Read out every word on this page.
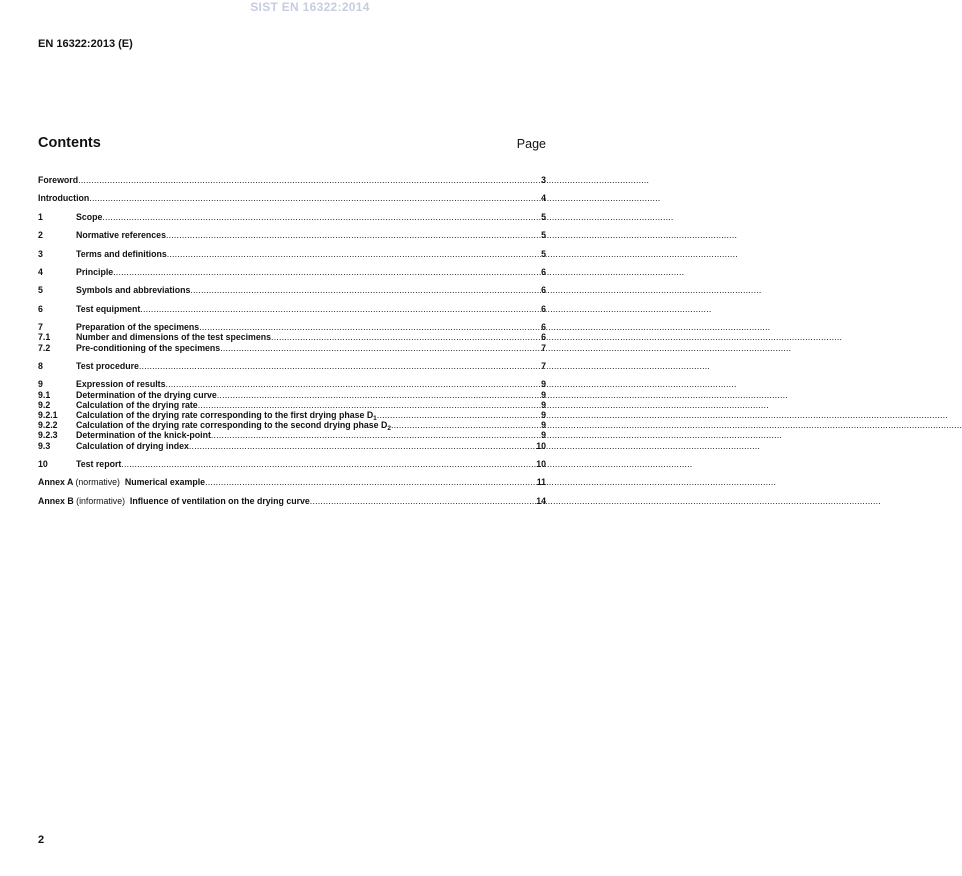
SIST EN 16322:2014
EN 16322:2013 (E)
Contents	Page
Foreword .....	3
Introduction .....	4
1	Scope .....	5
2	Normative references .....	5
3	Terms and definitions .....	5
4	Principle .....	6
5	Symbols and abbreviations .....	6
6	Test equipment .....	6
7	Preparation of the specimens .....	6
7.1	Number and dimensions of the test specimens .....	6
7.2	Pre-conditioning of the specimens .....	7
8	Test procedure .....	7
9	Expression of results .....	9
9.1	Determination of the drying curve .....	9
9.2	Calculation of the drying rate .....	9
9.2.1	Calculation of the drying rate corresponding to the first drying phase $D_1$ .....	9
9.2.2	Calculation of the drying rate corresponding to the second drying phase $D_2$ .....	9
9.2.3	Determination of the knick-point .....	9
9.3	Calculation of drying index .....	10
10	Test report .....	10
Annex A (normative) Numerical example .....	11
Annex B (informative) Influence of ventilation on the drying curve .....	14
2
